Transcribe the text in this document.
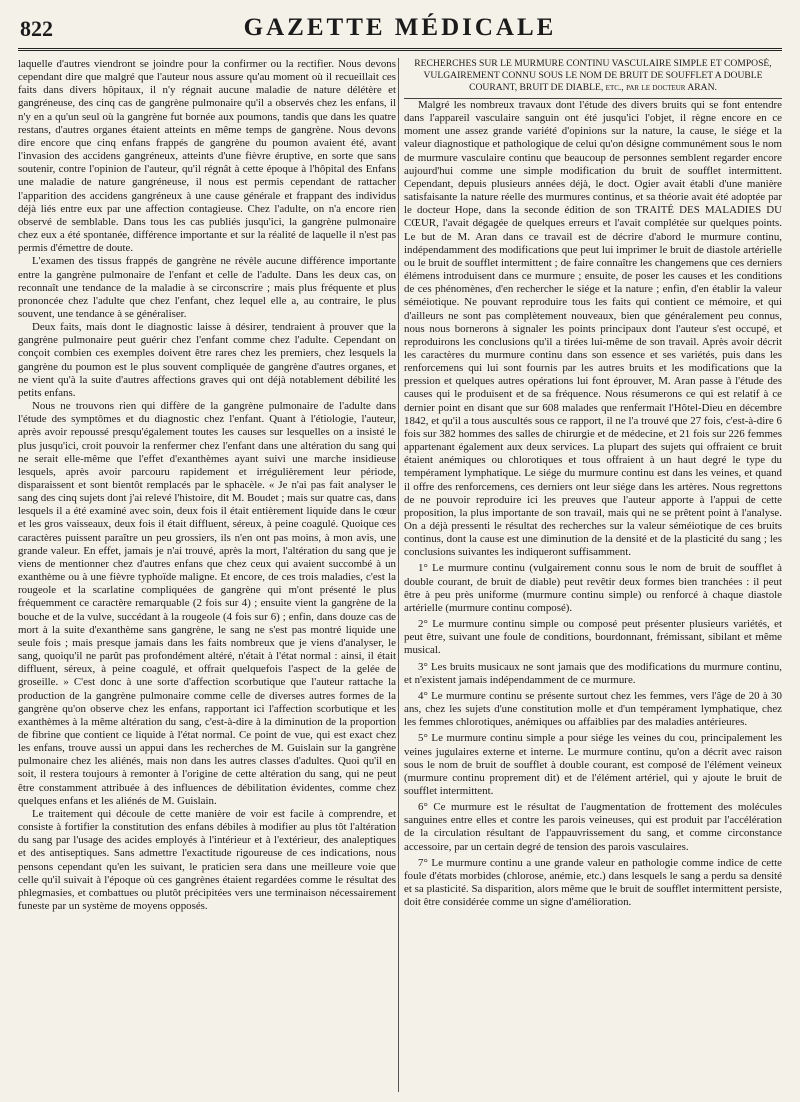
822	GAZETTE MÉDICALE

laquelle d'autres viendront se joindre pour la confirmer ou la rectifier. Nous devons cependant dire que malgré que l'auteur nous assure qu'au moment où il recueillait ces faits dans divers hôpitaux, il n'y régnait aucune maladie de nature délétère et gangréneuse, des cinq cas de gangrène pulmonaire qu'il a observés chez les enfans, il n'y en a qu'un seul où la gangrène fut bornée aux poumons, tandis que dans les quatre restans, d'autres organes étaient atteints en même temps de gangrène. Nous devons dire encore que cinq enfans frappés de gangrène du poumon avaient été, avant l'invasion des accidens gangréneux, atteints d'une fièvre éruptive, en sorte que sans soutenir, contre l'opinion de l'auteur, qu'il régnât à cette époque à l'hôpital des Enfans une maladie de nature gangréneuse, il nous est permis cependant de rattacher l'apparition des accidens gangréneux à une cause générale et frappant des individus déjà liés entre eux par une affection contagieuse. Chez l'adulte, on n'a encore rien observé de semblable. Dans tous les cas publiés jusqu'ici, la gangrène pulmonaire chez eux a été spontanée, différence importante et sur la réalité de laquelle il n'est pas permis d'émettre de doute.

L'examen des tissus frappés de gangrène ne révèle aucune différence importante entre la gangrène pulmonaire de l'enfant et celle de l'adulte. Dans les deux cas, on reconnaît une tendance de la maladie à se circonscrire ; mais plus fréquente et plus prononcée chez l'adulte que chez l'enfant, chez lequel elle a, au contraire, le plus souvent, une tendance à se généraliser.

Deux faits, mais dont le diagnostic laisse à désirer, tendraient à prouver que la gangrène pulmonaire peut guérir chez l'enfant comme chez l'adulte. Cependant on conçoit combien ces exemples doivent être rares chez les premiers, chez lesquels la gangrène du poumon est le plus souvent compliquée de gangrène d'autres organes, et ne vient qu'à la suite d'autres affections graves qui ont déjà notablement débilité les petits enfans.

Nous ne trouvons rien qui diffère de la gangrène pulmonaire de l'adulte dans l'étude des symptômes et du diagnostic chez l'enfant. Quant à l'étiologie, l'auteur, après avoir repoussé presqu'également toutes les causes sur lesquelles on a insisté le plus jusqu'ici, croit pouvoir la renfermer chez l'enfant dans une altération du sang qui ne serait elle-même que l'effet d'exanthèmes ayant suivi une marche insidieuse lesquels, après avoir parcouru rapidement et irrégulièrement leur période, disparaissent et sont bientôt remplacés par le sphacèle. « Je n'ai pas fait analyser le sang des cinq sujets dont j'ai relevé l'histoire, dit M. Boudet ; mais sur quatre cas, dans lesquels il a été examiné avec soin, deux fois il était entièrement liquide dans le cœur et les gros vaisseaux, deux fois il était diffluent, séreux, à peine coagulé. Quoique ces caractères puissent paraître un peu grossiers, ils n'en ont pas moins, à mon avis, une grande valeur. En effet, jamais je n'ai trouvé, après la mort, l'altération du sang que je viens de mentionner chez d'autres enfans que chez ceux qui avaient succombé à un exanthème ou à une fièvre typhoïde maligne. Et encore, de ces trois maladies, c'est la rougeole et la scarlatine compliquées de gangrène qui m'ont présenté le plus fréquemment ce caractère remarquable (2 fois sur 4) ; ensuite vient la gangrène de la bouche et de la vulve, succédant à la rougeole (4 fois sur 6) ; enfin, dans douze cas de mort à la suite d'exanthème sans gangrène, le sang ne s'est pas montré liquide une seule fois ; mais presque jamais dans les faits nombreux que je viens d'analyser, le sang, quoiqu'il ne parût pas profondément altéré, n'était à l'état normal : ainsi, il était diffluent, séreux, à peine coagulé, et offrait quelquefois l'aspect de la gelée de groseille. » C'est donc à une sorte d'affection scorbutique que l'auteur rattache la production de la gangrène pulmonaire comme celle de diverses autres formes de la gangrène qu'on observe chez les enfans, rapportant ici l'affection scorbutique et les exanthèmes à la même altération du sang, c'est-à-dire à la diminution de la proportion de fibrine que contient ce liquide à l'état normal. Ce point de vue, qui est exact chez les enfans, trouve aussi un appui dans les recherches de M. Guislain sur la gangrène pulmonaire chez les aliénés, mais non dans les autres classes d'adultes. Quoi qu'il en soit, il restera toujours à remonter à l'origine de cette altération du sang, qui ne peut être constamment attribuée à des influences de débilitation évidentes, comme chez quelques enfans et les aliénés de M. Guislain.

Le traitement qui découle de cette manière de voir est facile à comprendre, et consiste à fortifier la constitution des enfans débiles à modifier au plus tôt l'altération du sang par l'usage des acides employés à l'intérieur et à l'extérieur, des analeptiques et des antiseptiques. Sans admettre l'exactitude rigoureuse de ces indications, nous pensons cependant qu'en les suivant, le praticien sera dans une meilleure voie que celle qu'il suivait à l'époque où ces gangrènes étaient regardées comme le résultat des phlegmasies, et combattues ou plutôt précipitées vers une terminaison nécessairement funeste par un système de moyens opposés.

RECHERCHES SUR LE MURMURE CONTINU VASCULAIRE SIMPLE ET COMPOSÉ, VULGAIREMENT CONNU SOUS LE NOM DE BRUIT DE SOUFFLET A DOUBLE COURANT, BRUIT DE DIABLE, etc., par le docteur ARAN.

Malgré les nombreux travaux dont l'étude des divers bruits qui se font entendre dans l'appareil vasculaire sanguin ont été jusqu'ici l'objet, il règne encore en ce moment une assez grande variété d'opinions sur la nature, la cause, le siége et la valeur diagnostique et pathologique de celui qu'on désigne communément sous le nom de murmure vasculaire continu que beaucoup de personnes semblent regarder encore aujourd'hui comme une simple modification du bruit de soufflet intermittent. Cependant, depuis plusieurs années déjà, le doct. Ogier avait établi d'une manière satisfaisante la nature réelle des murmures continus, et sa théorie avait été adoptée par le docteur Hope, dans la seconde édition de son TRAITÉ DES MALADIES DU CŒUR, l'avait dégagée de quelques erreurs et l'avait complétée sur quelques points. Le but de M. Aran dans ce travail est de décrire d'abord le murmure continu, indépendamment des modifications que peut lui imprimer le bruit de diastole artérielle ou le bruit de soufflet intermittent ; de faire connaître les changemens que ces derniers élémens introduisent dans ce murmure ; ensuite, de poser les causes et les conditions de ces phénomènes, d'en rechercher le siége et la nature ; enfin, d'en établir la valeur séméiotique. Ne pouvant reproduire tous les faits qui contient ce mémoire, et qui d'ailleurs ne sont pas complètement nouveaux, bien que généralement peu connus, nous nous bornerons à signaler les points principaux dont l'auteur s'est occupé, et reproduirons les conclusions qu'il a tirées lui-même de son travail. Après avoir décrit les caractères du murmure continu dans son essence et ses variétés, puis dans les renforcemens qui lui sont fournis par les autres bruits et les modifications que la pression et quelques autres opérations lui font éprouver, M. Aran passe à l'étude des causes qui le produisent et de sa fréquence. Nous résumerons ce qui est relatif à ce dernier point en disant que sur 608 malades que renfermait l'Hôtel-Dieu en décembre 1842, et qu'il a tous auscultés sous ce rapport, il ne l'a trouvé que 27 fois, c'est-à-dire 6 fois sur 382 hommes des salles de chirurgie et de médecine, et 21 fois sur 226 femmes appartenant également aux deux services. La plupart des sujets qui offraient ce bruit étaient anémiques ou chlorotiques et tous offraient à un haut degré le type du tempérament lymphatique. Le siége du murmure continu est dans les veines, et quand il offre des renforcemens, ces derniers ont leur siége dans les artères. Nous regrettons de ne pouvoir reproduire ici les preuves que l'auteur apporte à l'appui de cette proposition, la plus importante de son travail, mais qui ne se prêtent point à l'analyse. On a déjà pressenti le résultat des recherches sur la valeur séméiotique de ces bruits continus, dont la cause est une diminution de la densité et de la plasticité du sang ; les conclusions suivantes les indiqueront suffisamment.

1° Le murmure continu (vulgairement connu sous le nom de bruit de soufflet à double courant, de bruit de diable) peut revêtir deux formes bien tranchées : il peut être à peu près uniforme (murmure continu simple) ou renforcé à chaque diastole artérielle (murmure continu composé).

2° Le murmure continu simple ou composé peut présenter plusieurs variétés, et peut être, suivant une foule de conditions, bourdonnant, frémissant, sibilant et même musical.

3° Les bruits musicaux ne sont jamais que des modifications du murmure continu, et n'existent jamais indépendamment de ce murmure.

4° Le murmure continu se présente surtout chez les femmes, vers l'âge de 20 à 30 ans, chez les sujets d'une constitution molle et d'un tempérament lymphatique, chez les femmes chlorotiques, anémiques ou affaiblies par des maladies antérieures.

5° Le murmure continu simple a pour siége les veines du cou, principalement les veines jugulaires externe et interne. Le murmure continu, qu'on a décrit avec raison sous le nom de bruit de soufflet à double courant, est composé de l'élément veineux (murmure continu proprement dit) et de l'élément artériel, qui y ajoute le bruit de soufflet intermittent.

6° Ce murmure est le résultat de l'augmentation de frottement des molécules sanguines entre elles et contre les parois veineuses, qui est produit par l'accélération de la circulation résultant de l'appauvrissement du sang, et comme circonstance accessoire, par un certain degré de tension des parois vasculaires.

7° Le murmure continu a une grande valeur en pathologie comme indice de cette foule d'états morbides (chlorose, anémie, etc.) dans lesquels le sang a perdu sa densité et sa plasticité. Sa disparition, alors même que le bruit de soufflet intermittent persiste, doit être considérée comme un signe d'amélioration.
